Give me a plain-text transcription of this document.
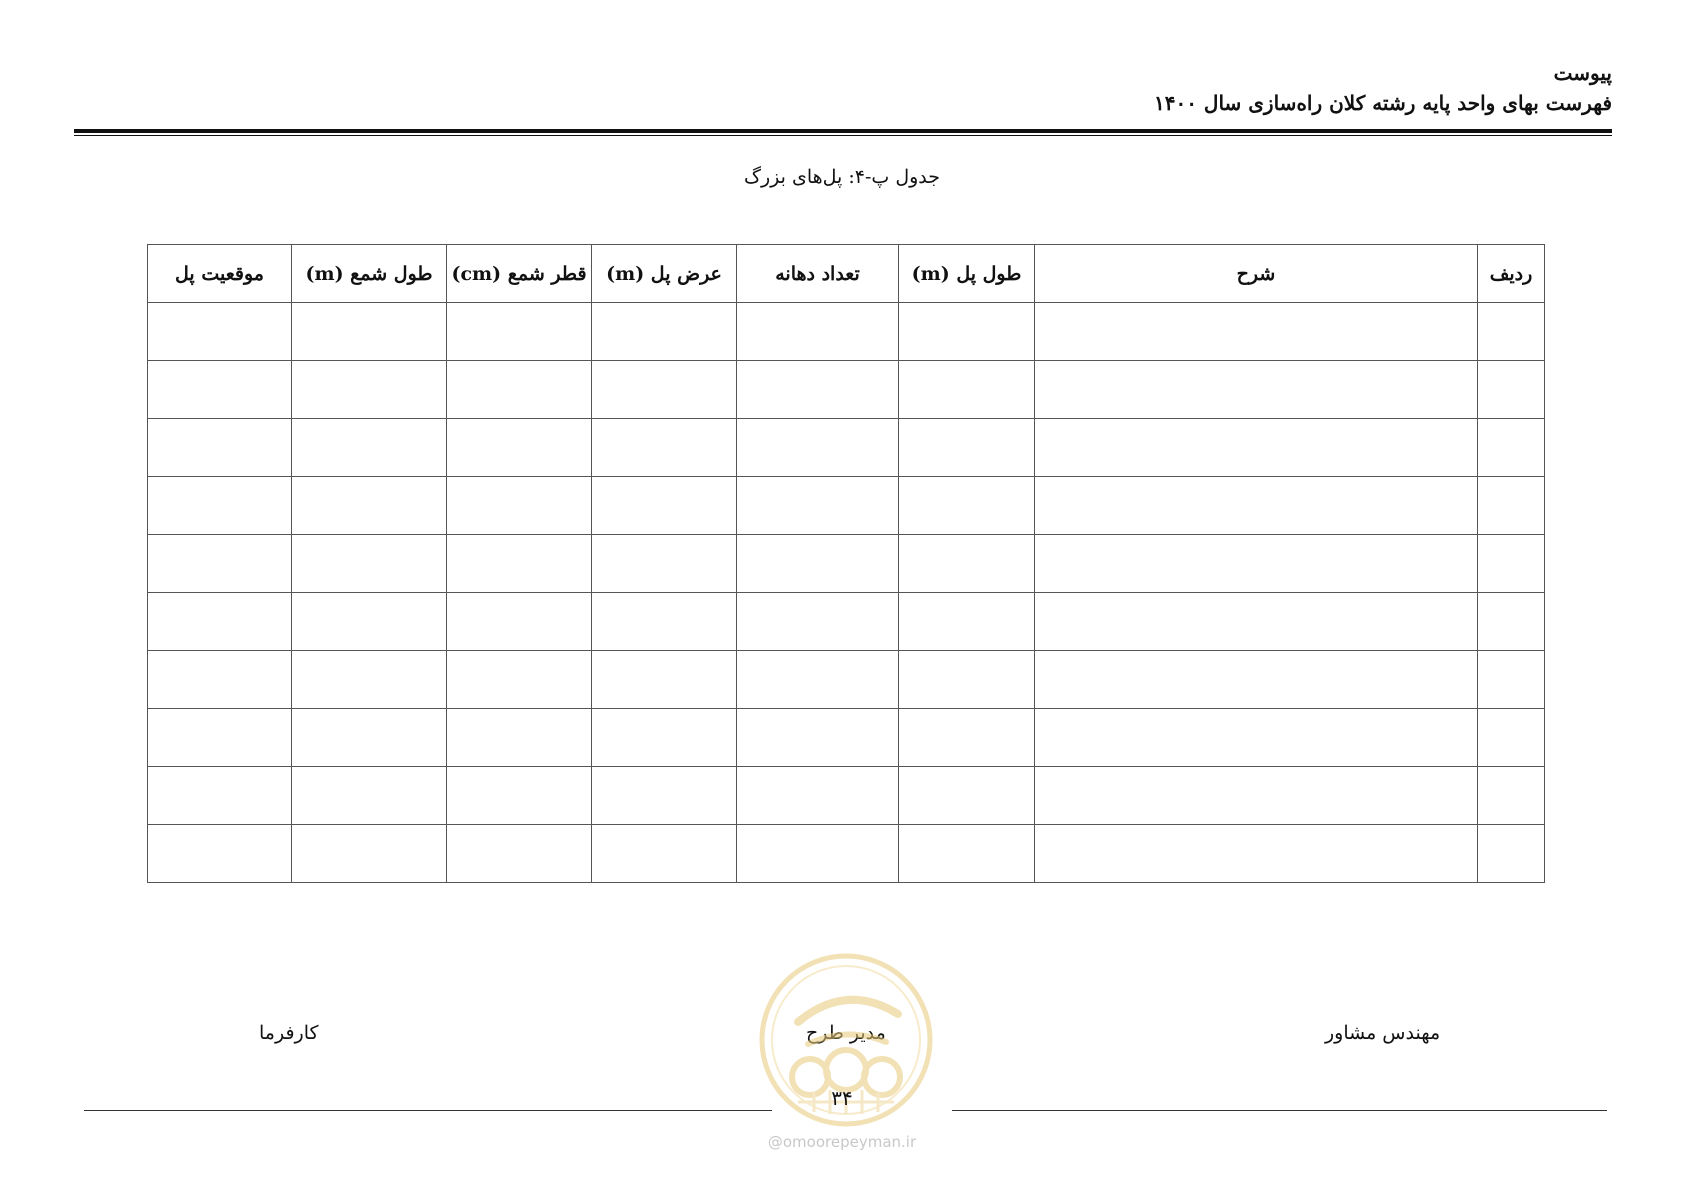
پیوست
فهرست بهای واحد پایه رشته کلان راه‌سازی سال ۱۴۰۰
جدول پ-۴: پل‌های بزرگ
ردیف	شرح	طول پل (m)	تعداد دهانه	عرض پل (m)	قطر شمع (cm)	طول شمع (m)	موقعیت پل

مهندس مشاور
مدیر طرح
کارفرما
۳۴
@omoorepeyman.ir
